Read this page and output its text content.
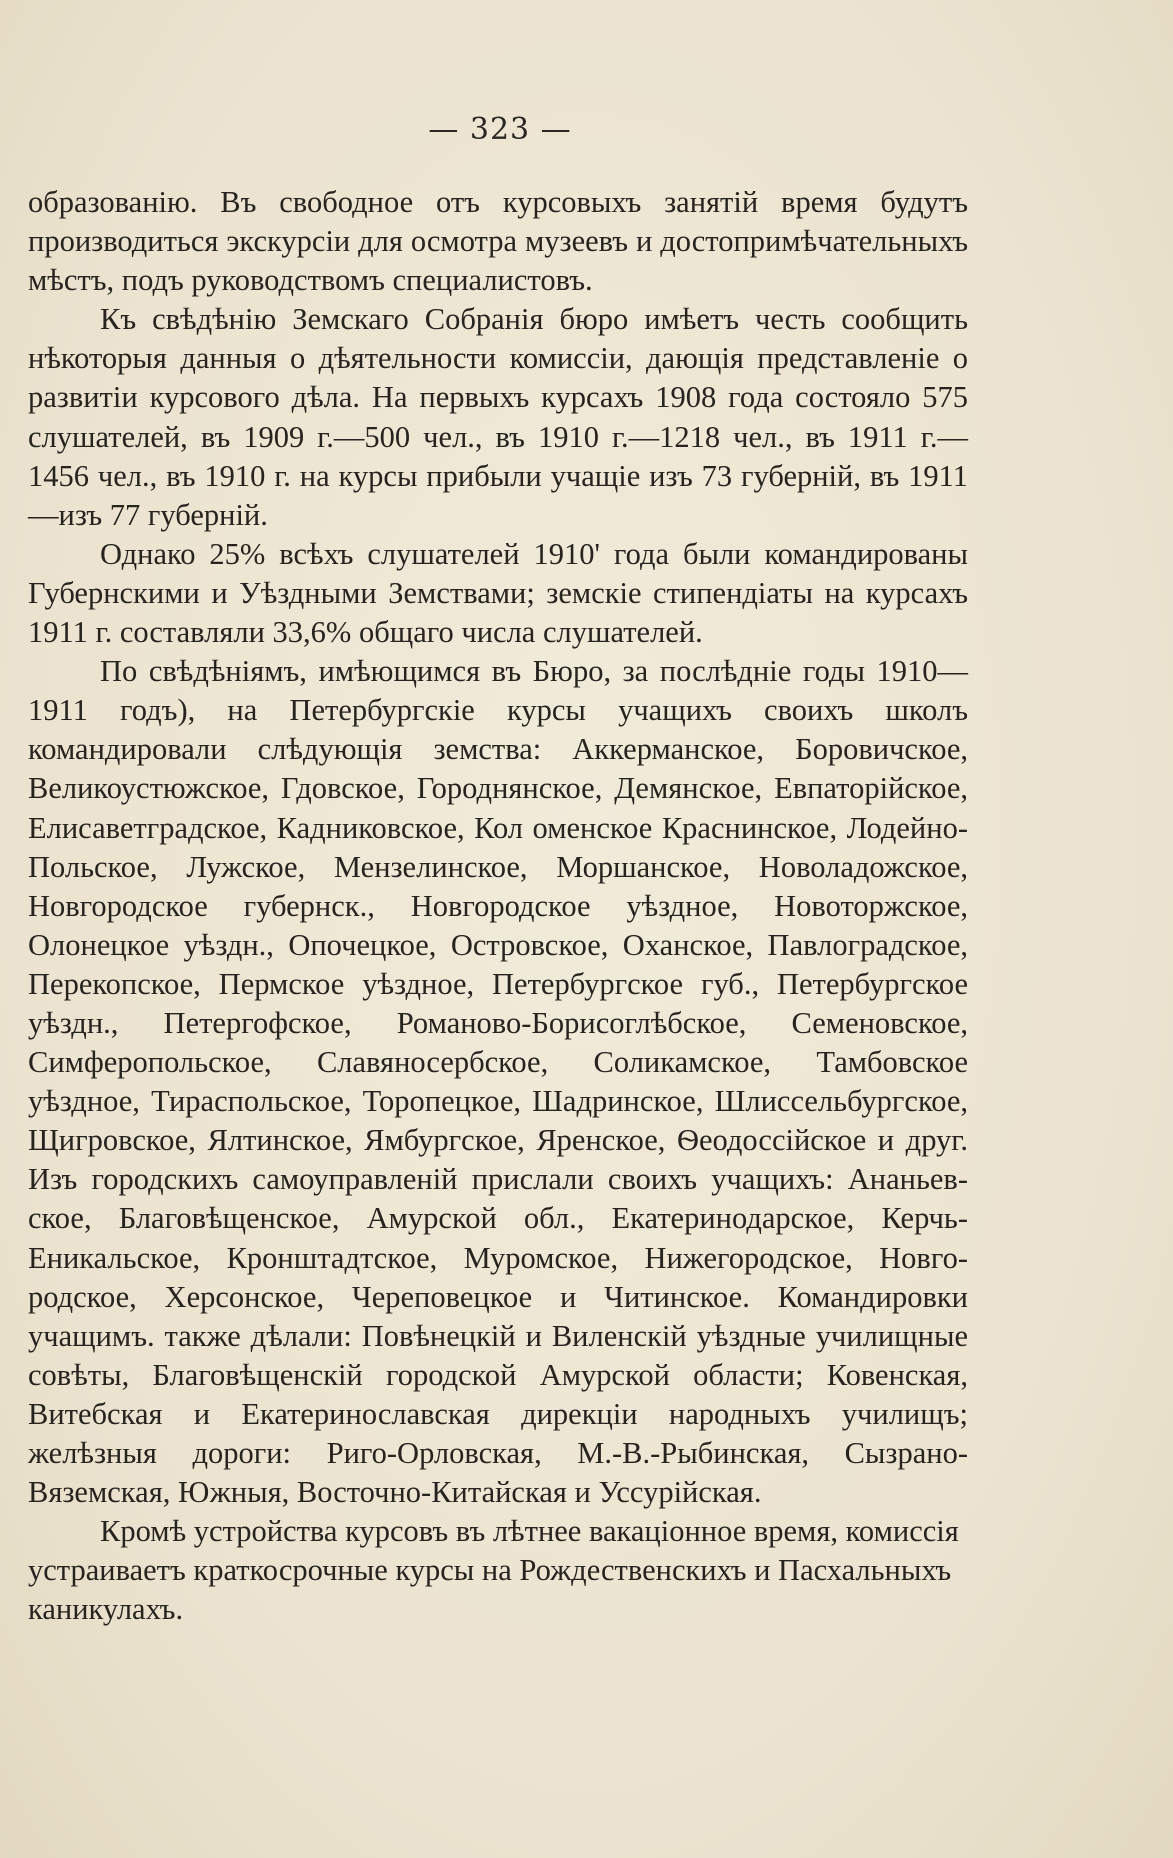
— 323 —

образованію. Въ свободное отъ курсовыхъ занятій время будутъ производиться экскурсіи для осмотра музеевъ и достопримѣчательныхъ мѣстъ, подъ руководствомъ специалистовъ.

Къ свѣдѣнію Земскаго Собранія бюро имѣетъ честь сообщить нѣкоторыя данныя о дѣятельности комиссіи, дающія представленіе о развитіи курсового дѣла. На первыхъ курсахъ 1908 года состояло 575 слушателей, въ 1909 г.—500 чел., въ 1910 г.—1218 чел., въ 1911 г.—1456 чел., въ 1910 г. на курсы прибыли учащіе изъ 73 губерній, въ 1911—изъ 77 губерній.

Однако 25% всѣхъ слушателей 1910' года были командированы Губернскими и Уѣздными Земствами; земскіе стипендіаты на курсахъ 1911 г. составляли 33,6% общаго числа слушателей.

По свѣдѣніямъ, имѣющимся въ Бюро, за послѣдніе годы 1910—1911 годъ), на Петербургскіе курсы учащихъ своихъ школъ командировали слѣдующія земства: Аккерманское, Боровичское, Великоустюжское, Гдовское, Городнянское, Демянское, Евпаторійское, Елисаветградское, Кадниковское, Кол оменское Краснинское, Лодейно-Польское, Лужское, Мензелинское, Моршанское, Новоладожское, Новгородское губернск., Новгородское уѣздное, Новоторжское, Олонецкое уѣздн., Опочецкое, Островское, Оханское, Павлоградское, Перекопское, Пермское уѣздное, Петербургское губ., Петербургское уѣздн., Петергофское, Романово-Борисоглѣбское, Семеновское, Симферопольское, Славяносербское, Соликамское, Тамбовское уѣздное, Тираспольское, Торопецкое, Шадринское, Шлиссельбургское, Щигровское, Ялтинское, Ямбургское, Яренское, Ѳеодоссійское и друг. Изъ городскихъ самоуправленій прислали своихъ учащихъ: Ананьевское, Благовѣщенское, Амурской обл., Екатеринодарское, Керчь-Еникальское, Кронштадтское, Муромское, Нижегородское, Новгородское, Херсонское, Череповецкое и Читинское. Командировки учащимъ. также дѣлали: Повѣнецкій и Виленскій уѣздные училищные совѣты, Благовѣщенскій городской Амурской области; Ковенская, Витебская и Екатеринославская дирекціи народныхъ училищъ; желѣзныя дороги: Риго-Орловская, М.-В.-Рыбинская, Сызрано-Вяземская, Южныя, Восточно-Китайская и Уссурійская.

Кромѣ устройства курсовъ въ лѣтнее вакаціонное время, комиссія устраиваетъ краткосрочные курсы на Рождественскихъ и Пасхальныхъ каникулахъ.
